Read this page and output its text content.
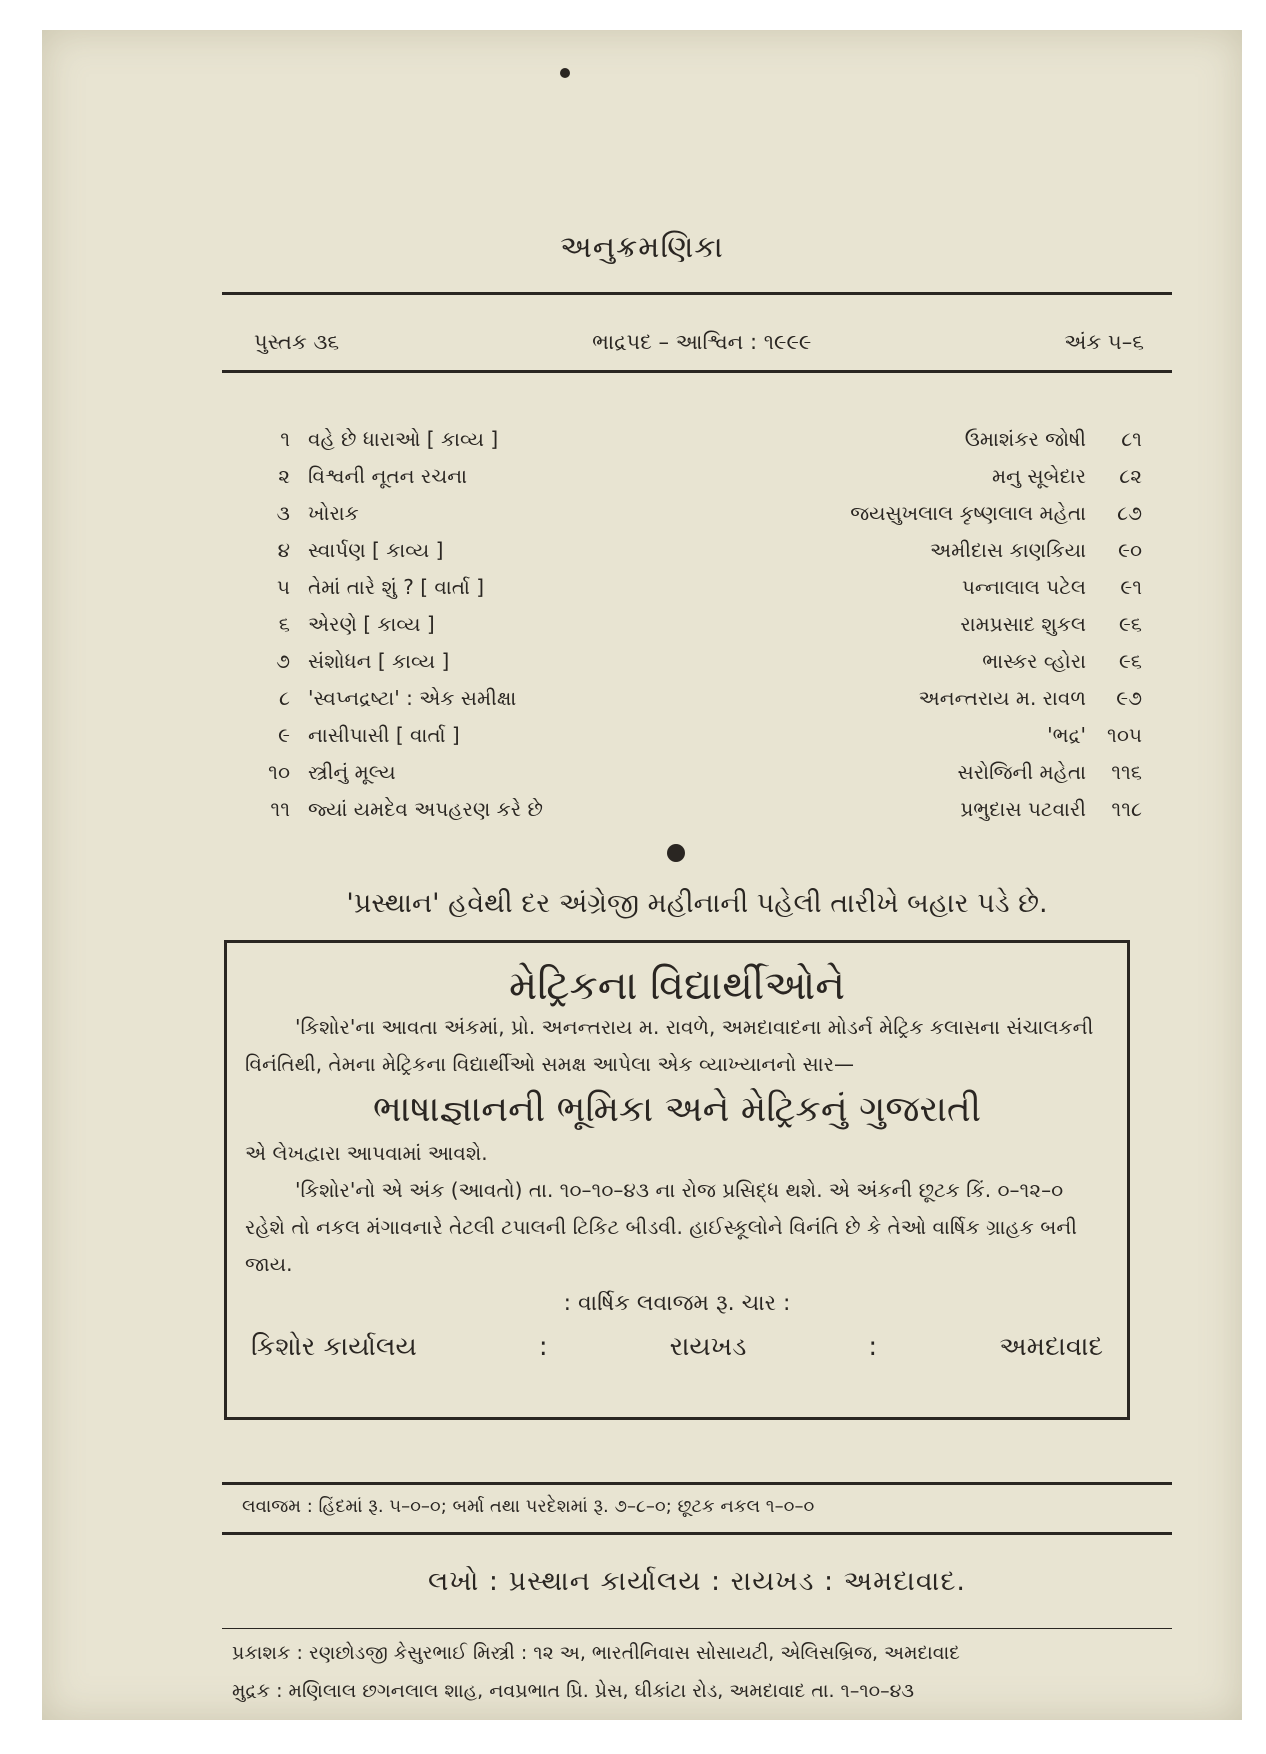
અનુક્રમણિકા
પુસ્તક ૩૬	ભાદ્રપદ – આશ્વિન : ૧૯૯૯	અંક ૫–૬
૧ વહે છે ધારાઓ [ કાવ્ય ]	ઉમાશંકર જોષી	૮૧
૨ વિશ્વની નૂતન રચના	મનુ સૂબેદાર	૮૨
૩ ખોરાક	જયસુખલાલ કૃષ્ણલાલ મહેતા	૮૭
૪ સ્વાર્પણ [ કાવ્ય ]	અમીદાસ કાણકિયા	૯૦
૫ તેમાં તારે શું ? [ વાર્તા ]	પન્નાલાલ પટેલ	૯૧
૬ એરણે [ કાવ્ય ]	રામપ્રસાદ શુકલ	૯૬
૭ સંશોધન [ કાવ્ય ]	ભાસ્કર વ્હોરા	૯૬
૮ 'સ્વપ્નદ્રષ્ટા' : એક સમીક્ષા	અનન્તરાય મ. રાવળ	૯૭
૯ નાસીપાસી [ વાર્તા ]	'ભદ્ર'	૧૦૫
૧૦ સ્ત્રીનું મૂલ્ય	સરોજિની મહેતા	૧૧૬
૧૧ જ્યાં યમદેવ અપહરણ કરે છે	પ્રભુદાસ પટવારી	૧૧૮
'પ્રસ્થાન' હવેથી દર અંગ્રેજી મહીનાની પહેલી તારીખે બહાર પડે છે.
મેટ્રિકના વિદ્યાર્થીઓને
'કિશોર'ના આવતા અંકમાં, પ્રો. અનન્તરાય મ. રાવળે, અમદાવાદના મોડર્ન મેટ્રિક કલાસના સંચાલકની વિનંતિથી, તેમના મેટ્રિકના વિદ્યાર્થીઓ સમક્ષ આપેલા એક વ્યાખ્યાનનો સાર—
ભાષાજ્ઞાનની ભૂમિકા અને મેટ્રિકનું ગુજરાતી
એ લેખદ્વારા આપવામાં આવશે.
'કિશોર'નો એ અંક (આવતો) તા. ૧૦–૧૦–૪૩ ના રોજ પ્રસિદ્ધ થશે. એ અંકની છૂટક કિં. ૦–૧૨–૦ રહેશે તો નકલ મંગાવનારે તેટલી ટપાલની ટિકિટ બીડવી. હાઈસ્કૂલોને વિનંતિ છે કે તેઓ વાર્ષિક ગ્રાહક બની જાય.
: વાર્ષિક લવાજમ રૂ. ચાર :
કિશોર કાર્યાલય	:	રાયખડ	:	અમદાવાદ
લવાજમ : હિંદમાં રૂ. ૫–૦–૦; બર્મા તથા પરદેશમાં રૂ. ૭–૮–૦; છૂટક નકલ ૧–૦–૦
લખો : પ્રસ્થાન કાર્યાલય : રાયખડ : અમદાવાદ.
પ્રકાશક : રણછોડજી કેસુરભાઈ મિસ્ત્રી : ૧૨ અ, ભારતીનિવાસ સોસાયટી, એલિસબ્રિજ, અમદાવાદ
મુદ્રક : મણિલાલ છગનલાલ શાહ, નવપ્રભાત પ્રિ. પ્રેસ, ઘીકાંટા રોડ, અમદાવાદ તા. ૧–૧૦–૪૩
